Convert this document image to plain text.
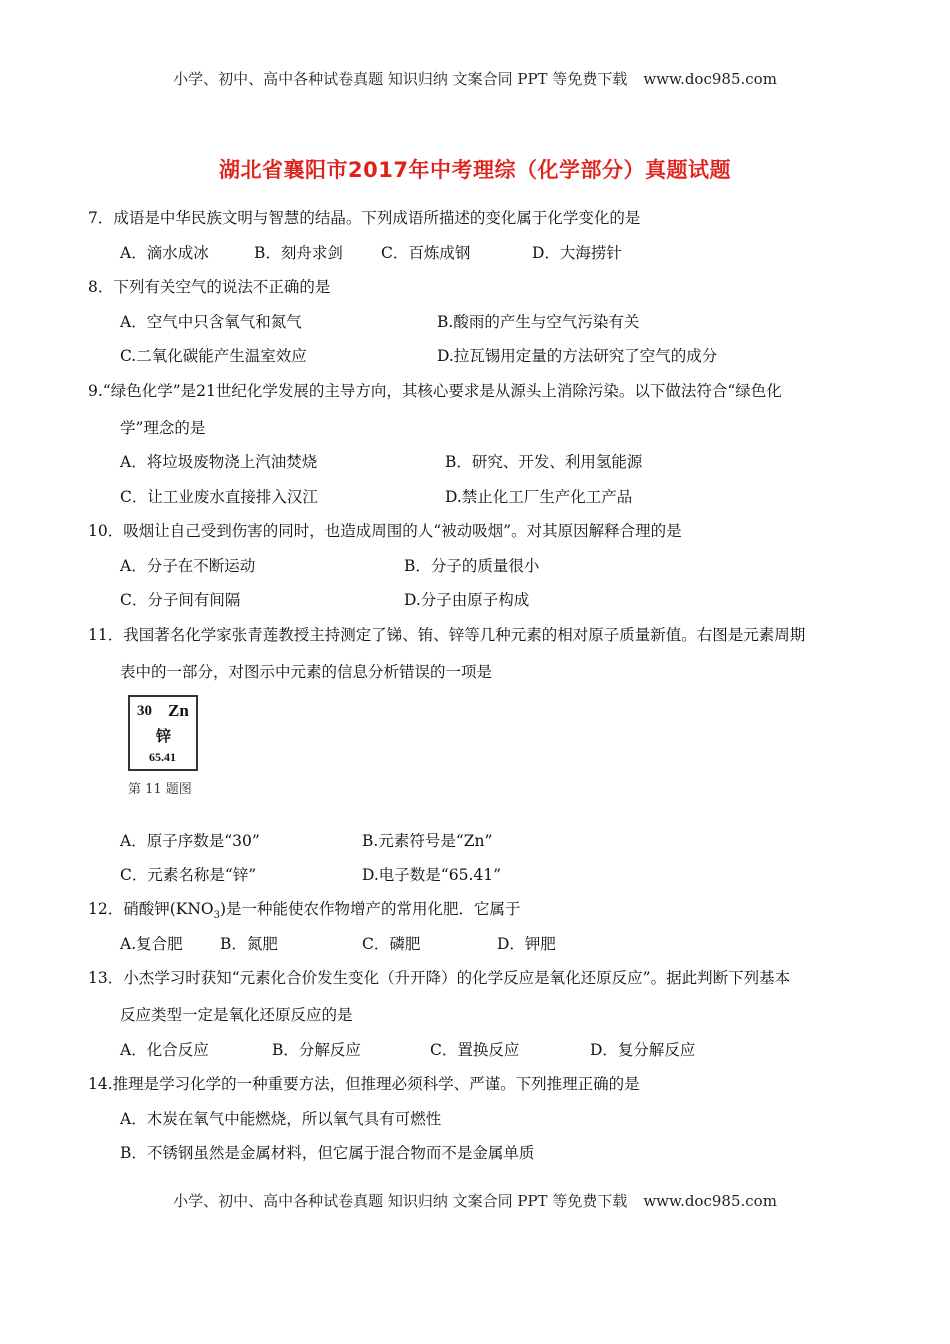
小学、初中、高中各种试卷真题 知识归纳 文案合同 PPT 等免费下载 www.doc985.com
湖北省襄阳市2017年中考理综（化学部分）真题试题
7．成语是中华民族文明与智慧的结晶。下列成语所描述的变化属于化学变化的是
A．滴水成冰	B．刻舟求剑 C．百炼成钢	D．大海捞针
8．下列有关空气的说法不正确的是
A．空气中只含氧气和氮气	B.酸雨的产生与空气污染有关
C.二氧化碳能产生温室效应	D.拉瓦锡用定量的方法研究了空气的成分
9.“绿色化学”是21世纪化学发展的主导方向，其核心要求是从源头上消除污染。以下做法符合“绿色化
学”理念的是
A．将垃圾废物浇上汽油焚烧	B．研究、开发、利用氢能源
C．让工业废水直接排入汉江	D.禁止化工厂生产化工产品
10．吸烟让自己受到伤害的同时，也造成周围的人“被动吸烟”。对其原因解释合理的是
A．分子在不断运动	B．分子的质量很小
C．分子间有间隔	D.分子由原子构成
11．我国著名化学家张青莲教授主持测定了锑、铕、锌等几种元素的相对原子质量新值。右图是元素周期
表中的一部分，对图示中元素的信息分析错误的一项是
30 Zn
锌
65.41
第 11 题图
A．原子序数是“30”	B.元素符号是“Zn”
C．元素名称是“锌”	D.电子数是“65.41”
12．硝酸钾$(KNO_3)$是一种能使农作物增产的常用化肥．它属于
A.复合肥 B．氮肥	C．磷肥	D．钾肥
13．小杰学习时获知“元素化合价发生变化（升开降）的化学反应是氧化还原反应”。据此判断下列基本
反应类型一定是氧化还原反应的是
A．化合反应	B．分解反应	C．置换反应	D．复分解反应
14.推理是学习化学的一种重要方法，但推理必须科学、严谨。下列推理正确的是
A．木炭在氧气中能燃烧，所以氧气具有可燃性
B．不锈钢虽然是金属材料，但它属于混合物而不是金属单质
小学、初中、高中各种试卷真题 知识归纳 文案合同 PPT 等免费下载 www.doc985.com
